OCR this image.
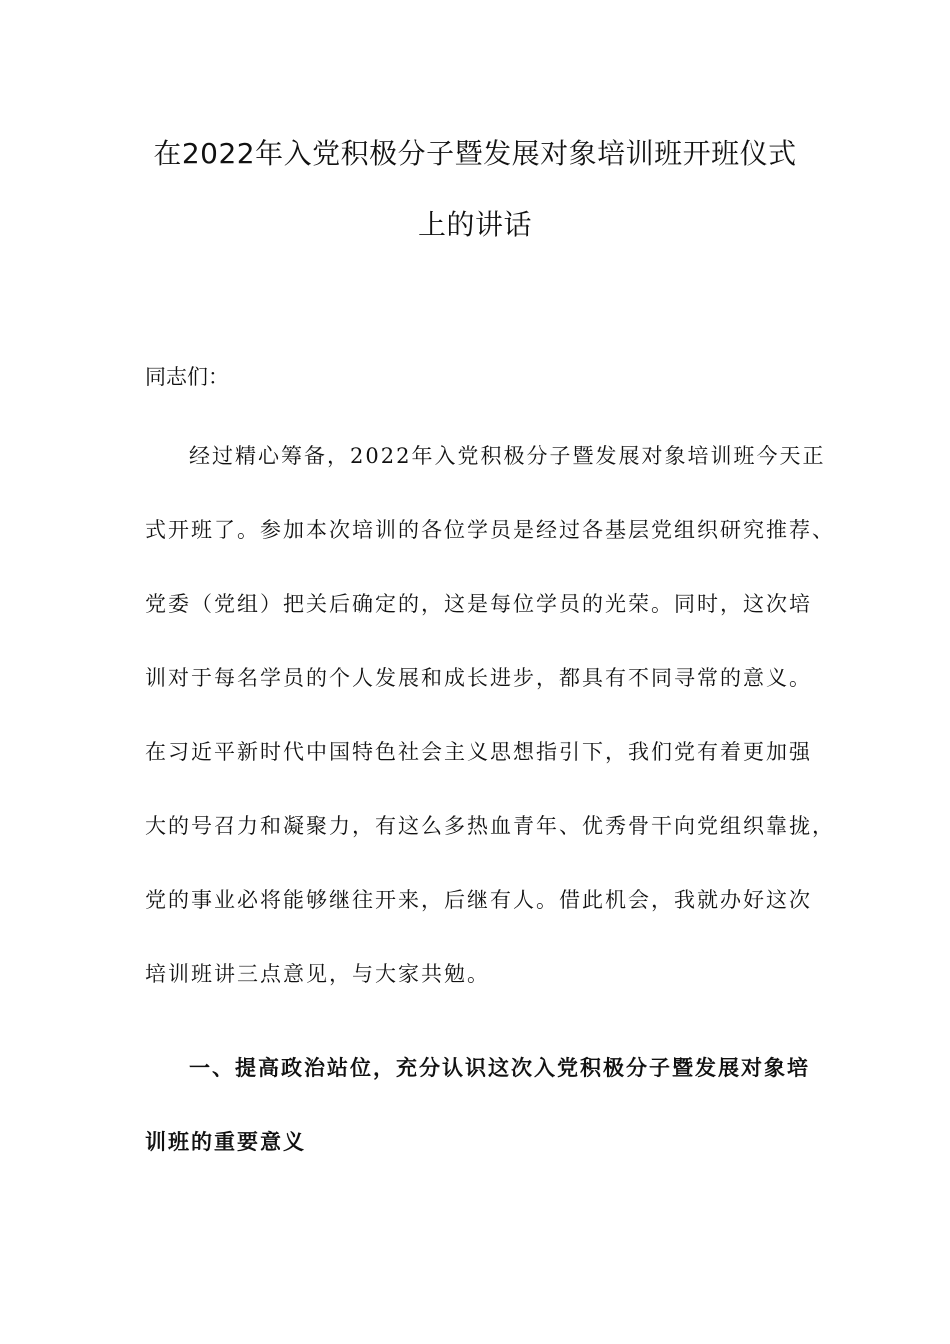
在2022年入党积极分子暨发展对象培训班开班仪式
上的讲话

同志们：

经过精心筹备，2022年入党积极分子暨发展对象培训班今天正
式开班了。参加本次培训的各位学员是经过各基层党组织研究推荐、
党委（党组）把关后确定的，这是每位学员的光荣。同时，这次培
训对于每名学员的个人发展和成长进步，都具有不同寻常的意义。
在习近平新时代中国特色社会主义思想指引下，我们党有着更加强
大的号召力和凝聚力，有这么多热血青年、优秀骨干向党组织靠拢，
党的事业必将能够继往开来，后继有人。借此机会，我就办好这次
培训班讲三点意见，与大家共勉。
一、提高政治站位，充分认识这次入党积极分子暨发展对象培
训班的重要意义
